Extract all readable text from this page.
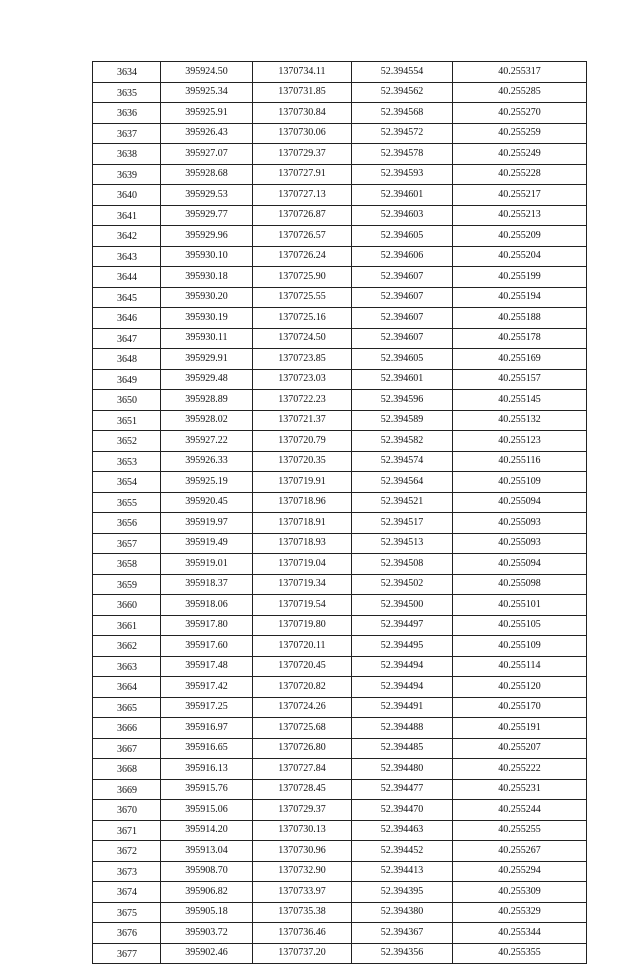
3634	395924.50	1370734.11	52.394554	40.255317
3635	395925.34	1370731.85	52.394562	40.255285
3636	395925.91	1370730.84	52.394568	40.255270
3637	395926.43	1370730.06	52.394572	40.255259
3638	395927.07	1370729.37	52.394578	40.255249
3639	395928.68	1370727.91	52.394593	40.255228
3640	395929.53	1370727.13	52.394601	40.255217
3641	395929.77	1370726.87	52.394603	40.255213
3642	395929.96	1370726.57	52.394605	40.255209
3643	395930.10	1370726.24	52.394606	40.255204
3644	395930.18	1370725.90	52.394607	40.255199
3645	395930.20	1370725.55	52.394607	40.255194
3646	395930.19	1370725.16	52.394607	40.255188
3647	395930.11	1370724.50	52.394607	40.255178
3648	395929.91	1370723.85	52.394605	40.255169
3649	395929.48	1370723.03	52.394601	40.255157
3650	395928.89	1370722.23	52.394596	40.255145
3651	395928.02	1370721.37	52.394589	40.255132
3652	395927.22	1370720.79	52.394582	40.255123
3653	395926.33	1370720.35	52.394574	40.255116
3654	395925.19	1370719.91	52.394564	40.255109
3655	395920.45	1370718.96	52.394521	40.255094
3656	395919.97	1370718.91	52.394517	40.255093
3657	395919.49	1370718.93	52.394513	40.255093
3658	395919.01	1370719.04	52.394508	40.255094
3659	395918.37	1370719.34	52.394502	40.255098
3660	395918.06	1370719.54	52.394500	40.255101
3661	395917.80	1370719.80	52.394497	40.255105
3662	395917.60	1370720.11	52.394495	40.255109
3663	395917.48	1370720.45	52.394494	40.255114
3664	395917.42	1370720.82	52.394494	40.255120
3665	395917.25	1370724.26	52.394491	40.255170
3666	395916.97	1370725.68	52.394488	40.255191
3667	395916.65	1370726.80	52.394485	40.255207
3668	395916.13	1370727.84	52.394480	40.255222
3669	395915.76	1370728.45	52.394477	40.255231
3670	395915.06	1370729.37	52.394470	40.255244
3671	395914.20	1370730.13	52.394463	40.255255
3672	395913.04	1370730.96	52.394452	40.255267
3673	395908.70	1370732.90	52.394413	40.255294
3674	395906.82	1370733.97	52.394395	40.255309
3675	395905.18	1370735.38	52.394380	40.255329
3676	395903.72	1370736.46	52.394367	40.255344
3677	395902.46	1370737.20	52.394356	40.255355
